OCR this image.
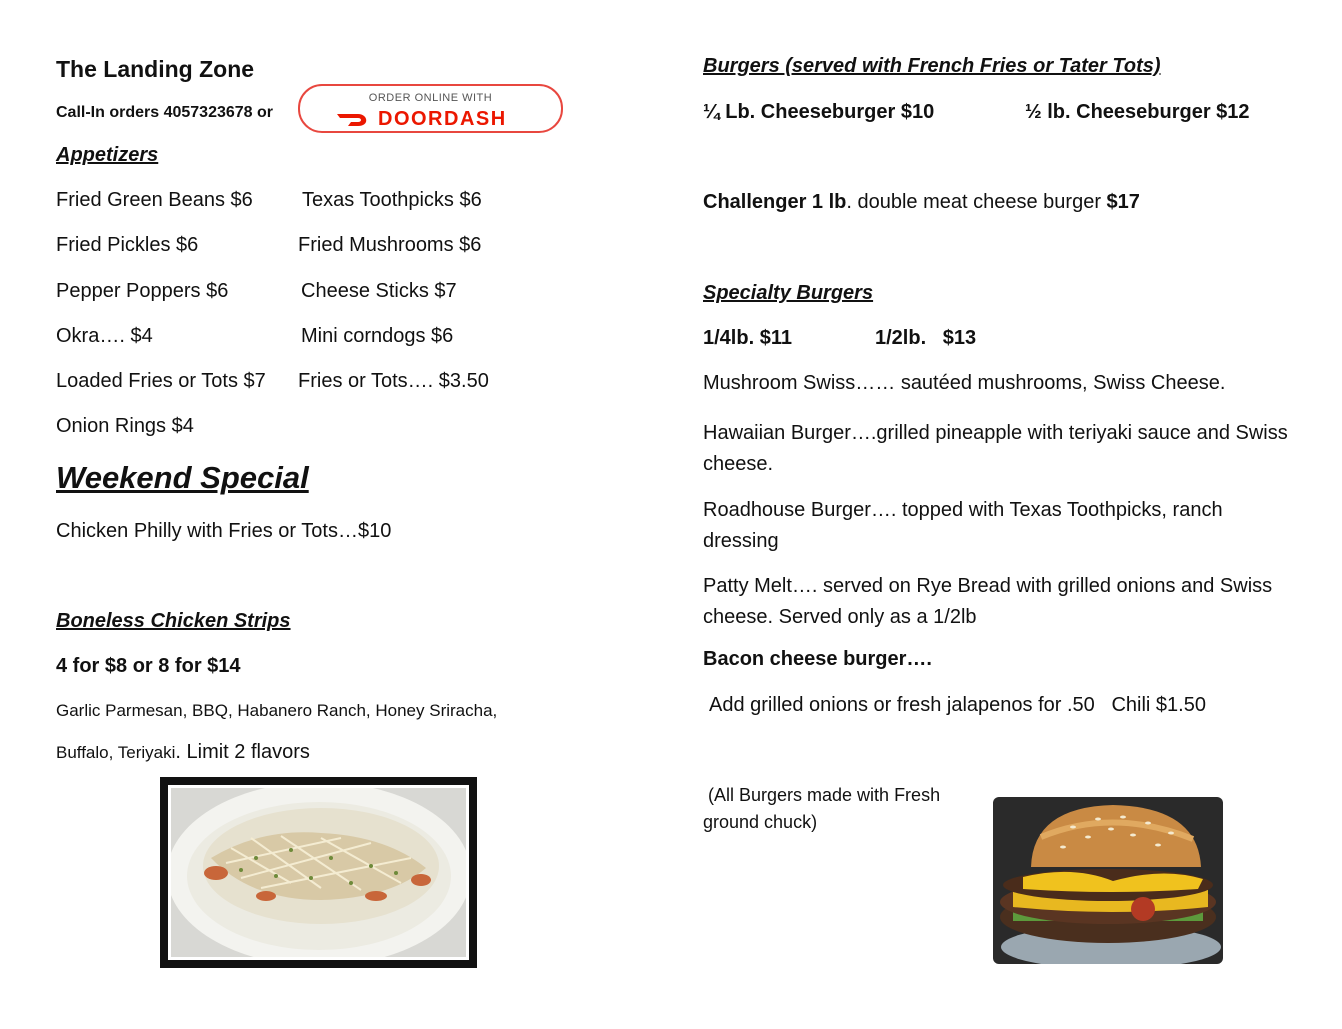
The Landing Zone
Call-In orders 4057323678 or
ORDER ONLINE WITH
DOORDASH
Appetizers
Fried Green Beans $6 Texas Toothpicks $6
Fried Pickles $6	Fried Mushrooms $6
Pepper Poppers $6	Cheese Sticks $7
Okra…. $4	Mini corndogs $6
Loaded Fries or Tots $7 Fries or Tots…. $3.50
Onion Rings $4
Weekend Special
Chicken Philly with Fries or Tots…$10
Boneless Chicken Strips
4 for $8 or 8 for $14
Garlic Parmesan, BBQ, Habanero Ranch, Honey Sriracha,
Buffalo, Teriyaki. Limit 2 flavors
Burgers (served with French Fries or Tater Tots)
¼ Lb. Cheeseburger $10	½ lb. Cheeseburger $12
Challenger 1 lb. double meat cheese burger $17
Specialty Burgers
1/4lb. $11	1/2lb.   $13
Mushroom Swiss…… sautéed mushrooms, Swiss Cheese.
Hawaiian Burger….grilled pineapple with teriyaki sauce and Swiss cheese.
Roadhouse Burger…. topped with Texas Toothpicks, ranch dressing
Patty Melt…. served on Rye Bread with grilled onions and Swiss cheese. Served only as a 1/2lb
Bacon cheese burger….
Add grilled onions or fresh jalapenos for .50   Chili $1.50
(All Burgers made with Fresh
ground chuck)
